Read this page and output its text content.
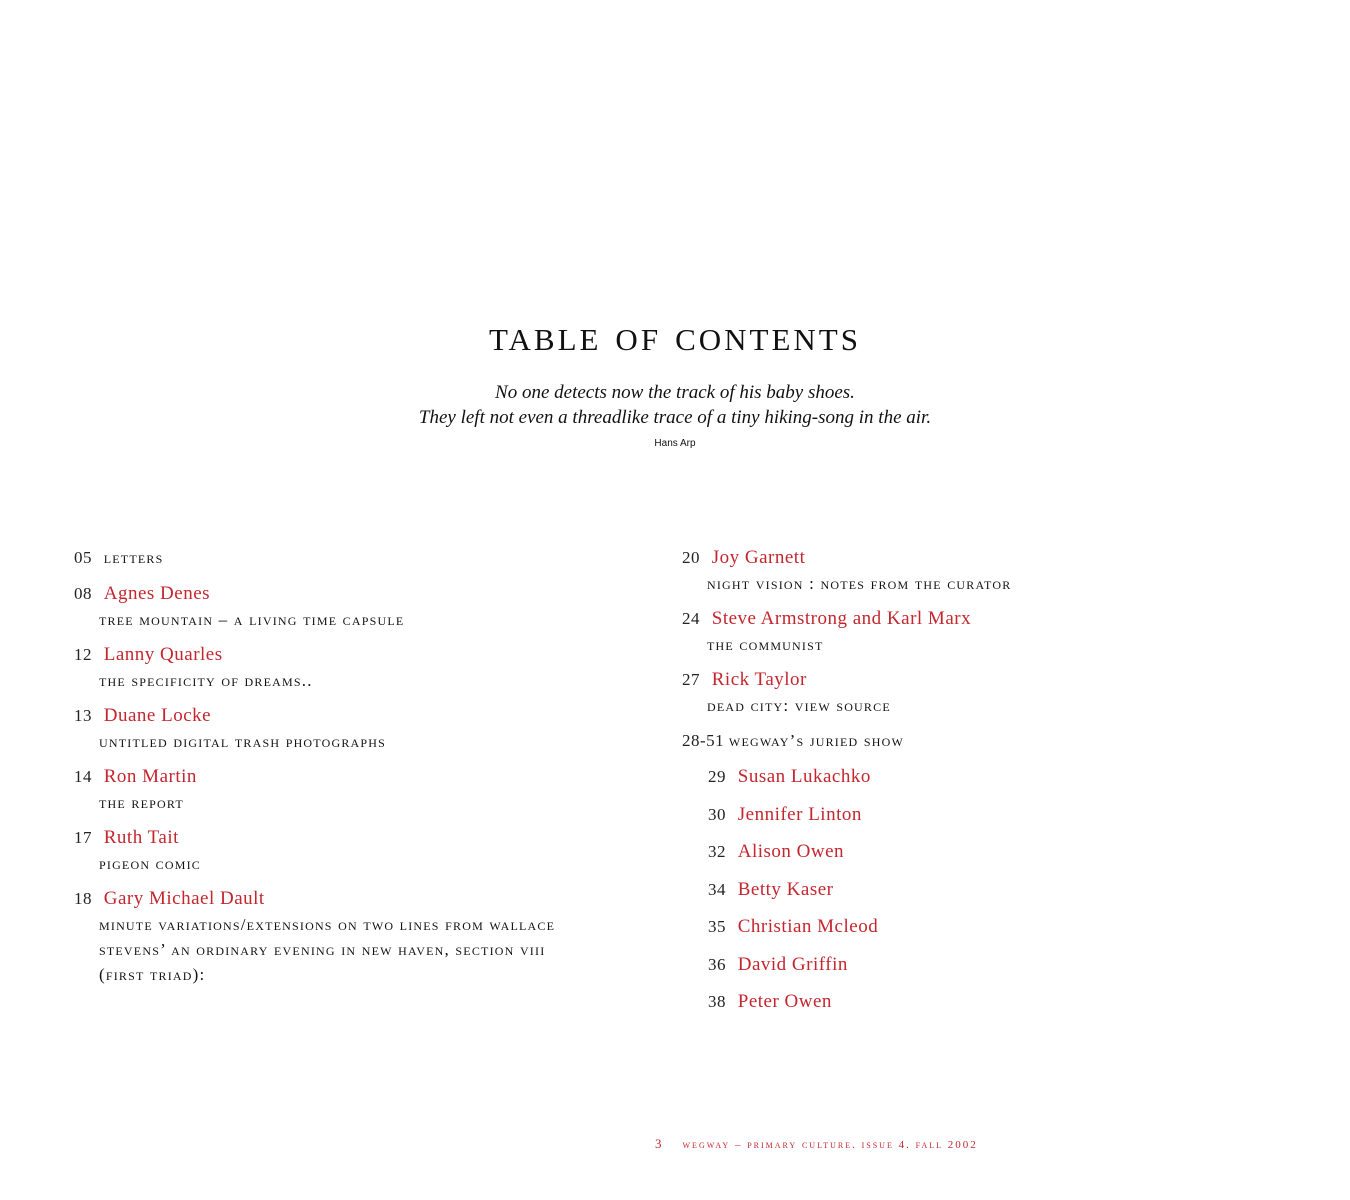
table of contents
No one detects now the track of his baby shoes.
They left not even a threadlike trace of a tiny hiking-song in the air.
Hans Arp
05 letters
08 Agnes Denes
tree mountain – a living time capsule
12 Lanny Quarles
the specificity of dreams..
13 Duane Locke
untitled digital trash photographs
14 Ron Martin
the report
17 Ruth Tait
pigeon comic
18 Gary Michael Dault
minute variations/extensions on two lines from wallace
stevens’ an ordinary evening in new haven, section viii
(first triad):
20 Joy Garnett
night vision : notes from the curator
24 Steve Armstrong and Karl Marx
the communist
27 Rick Taylor
dead city: view source
28-51 wegway’s juried show
29 Susan Lukachko
30 Jennifer Linton
32 Alison Owen
34 Betty Kaser
35 Christian Mcleod
36 David Griffin
38 Peter Owen
3 wegway – primary culture. issue 4. fall 2002
